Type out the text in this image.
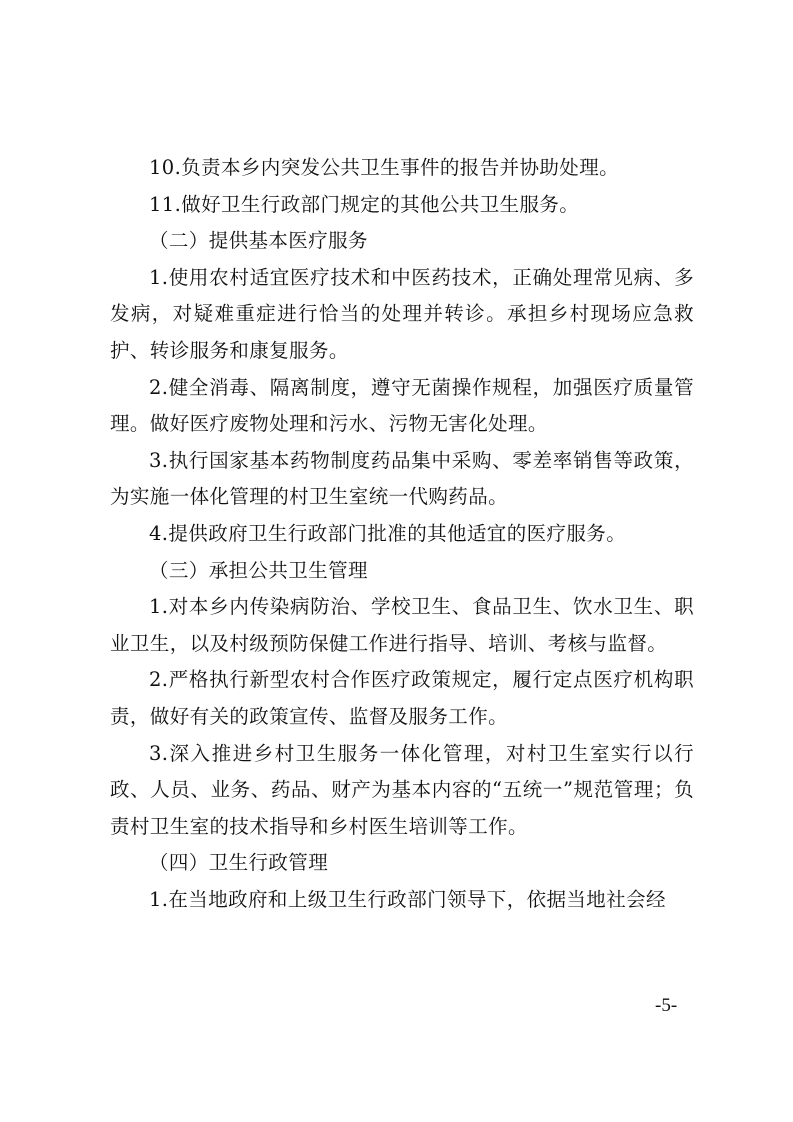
10.负责本乡内突发公共卫生事件的报告并协助处理。

11.做好卫生行政部门规定的其他公共卫生服务。

（二）提供基本医疗服务

1.使用农村适宜医疗技术和中医药技术，正确处理常见病、多发病，对疑难重症进行恰当的处理并转诊。承担乡村现场应急救护、转诊服务和康复服务。

2.健全消毒、隔离制度，遵守无菌操作规程，加强医疗质量管理。做好医疗废物处理和污水、污物无害化处理。

3.执行国家基本药物制度药品集中采购、零差率销售等政策，为实施一体化管理的村卫生室统一代购药品。

4.提供政府卫生行政部门批准的其他适宜的医疗服务。

（三）承担公共卫生管理

1.对本乡内传染病防治、学校卫生、食品卫生、饮水卫生、职业卫生，以及村级预防保健工作进行指导、培训、考核与监督。

2.严格执行新型农村合作医疗政策规定，履行定点医疗机构职责，做好有关的政策宣传、监督及服务工作。

3.深入推进乡村卫生服务一体化管理，对村卫生室实行以行政、人员、业务、药品、财产为基本内容的“五统一”规范管理；负责村卫生室的技术指导和乡村医生培训等工作。

（四）卫生行政管理

1.在当地政府和上级卫生行政部门领导下，依据当地社会经

-5-
